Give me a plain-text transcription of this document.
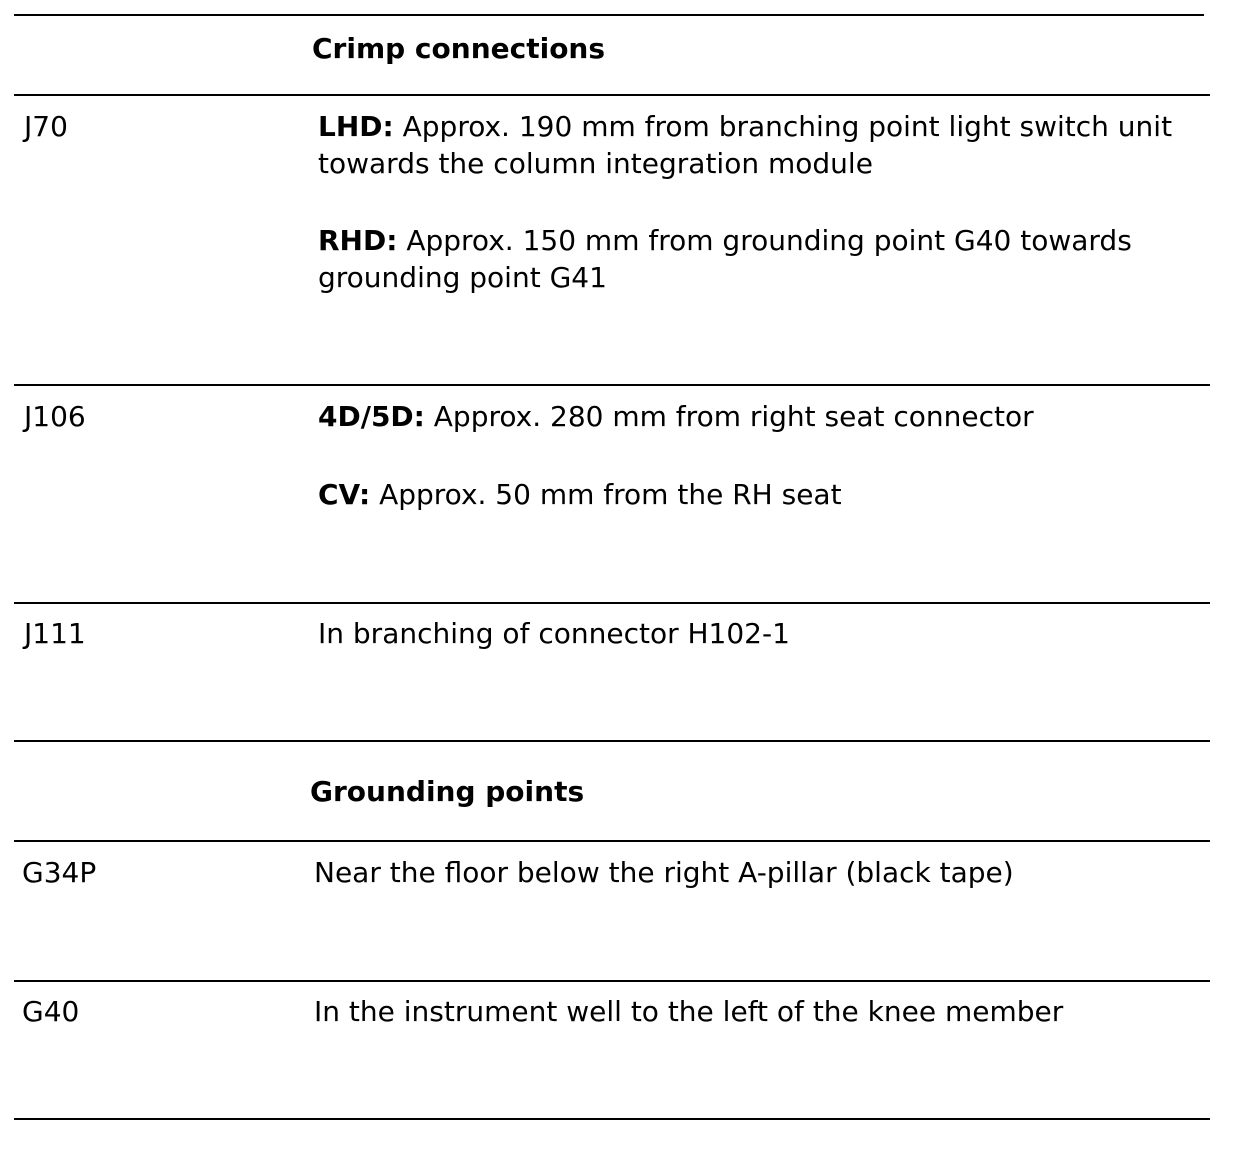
Crimp connections
J70	LHD: Approx. 190 mm from branching point light switch unit towards the column integration module

RHD: Approx. 150 mm from grounding point G40 towards grounding point G41

J106	4D/5D: Approx. 280 mm from right seat connector

CV: Approx. 50 mm from the RH seat

J111	In branching of connector H102-1

Grounding points
G34P	Near the floor below the right A-pillar (black tape)

G40	In the instrument well to the left of the knee member
